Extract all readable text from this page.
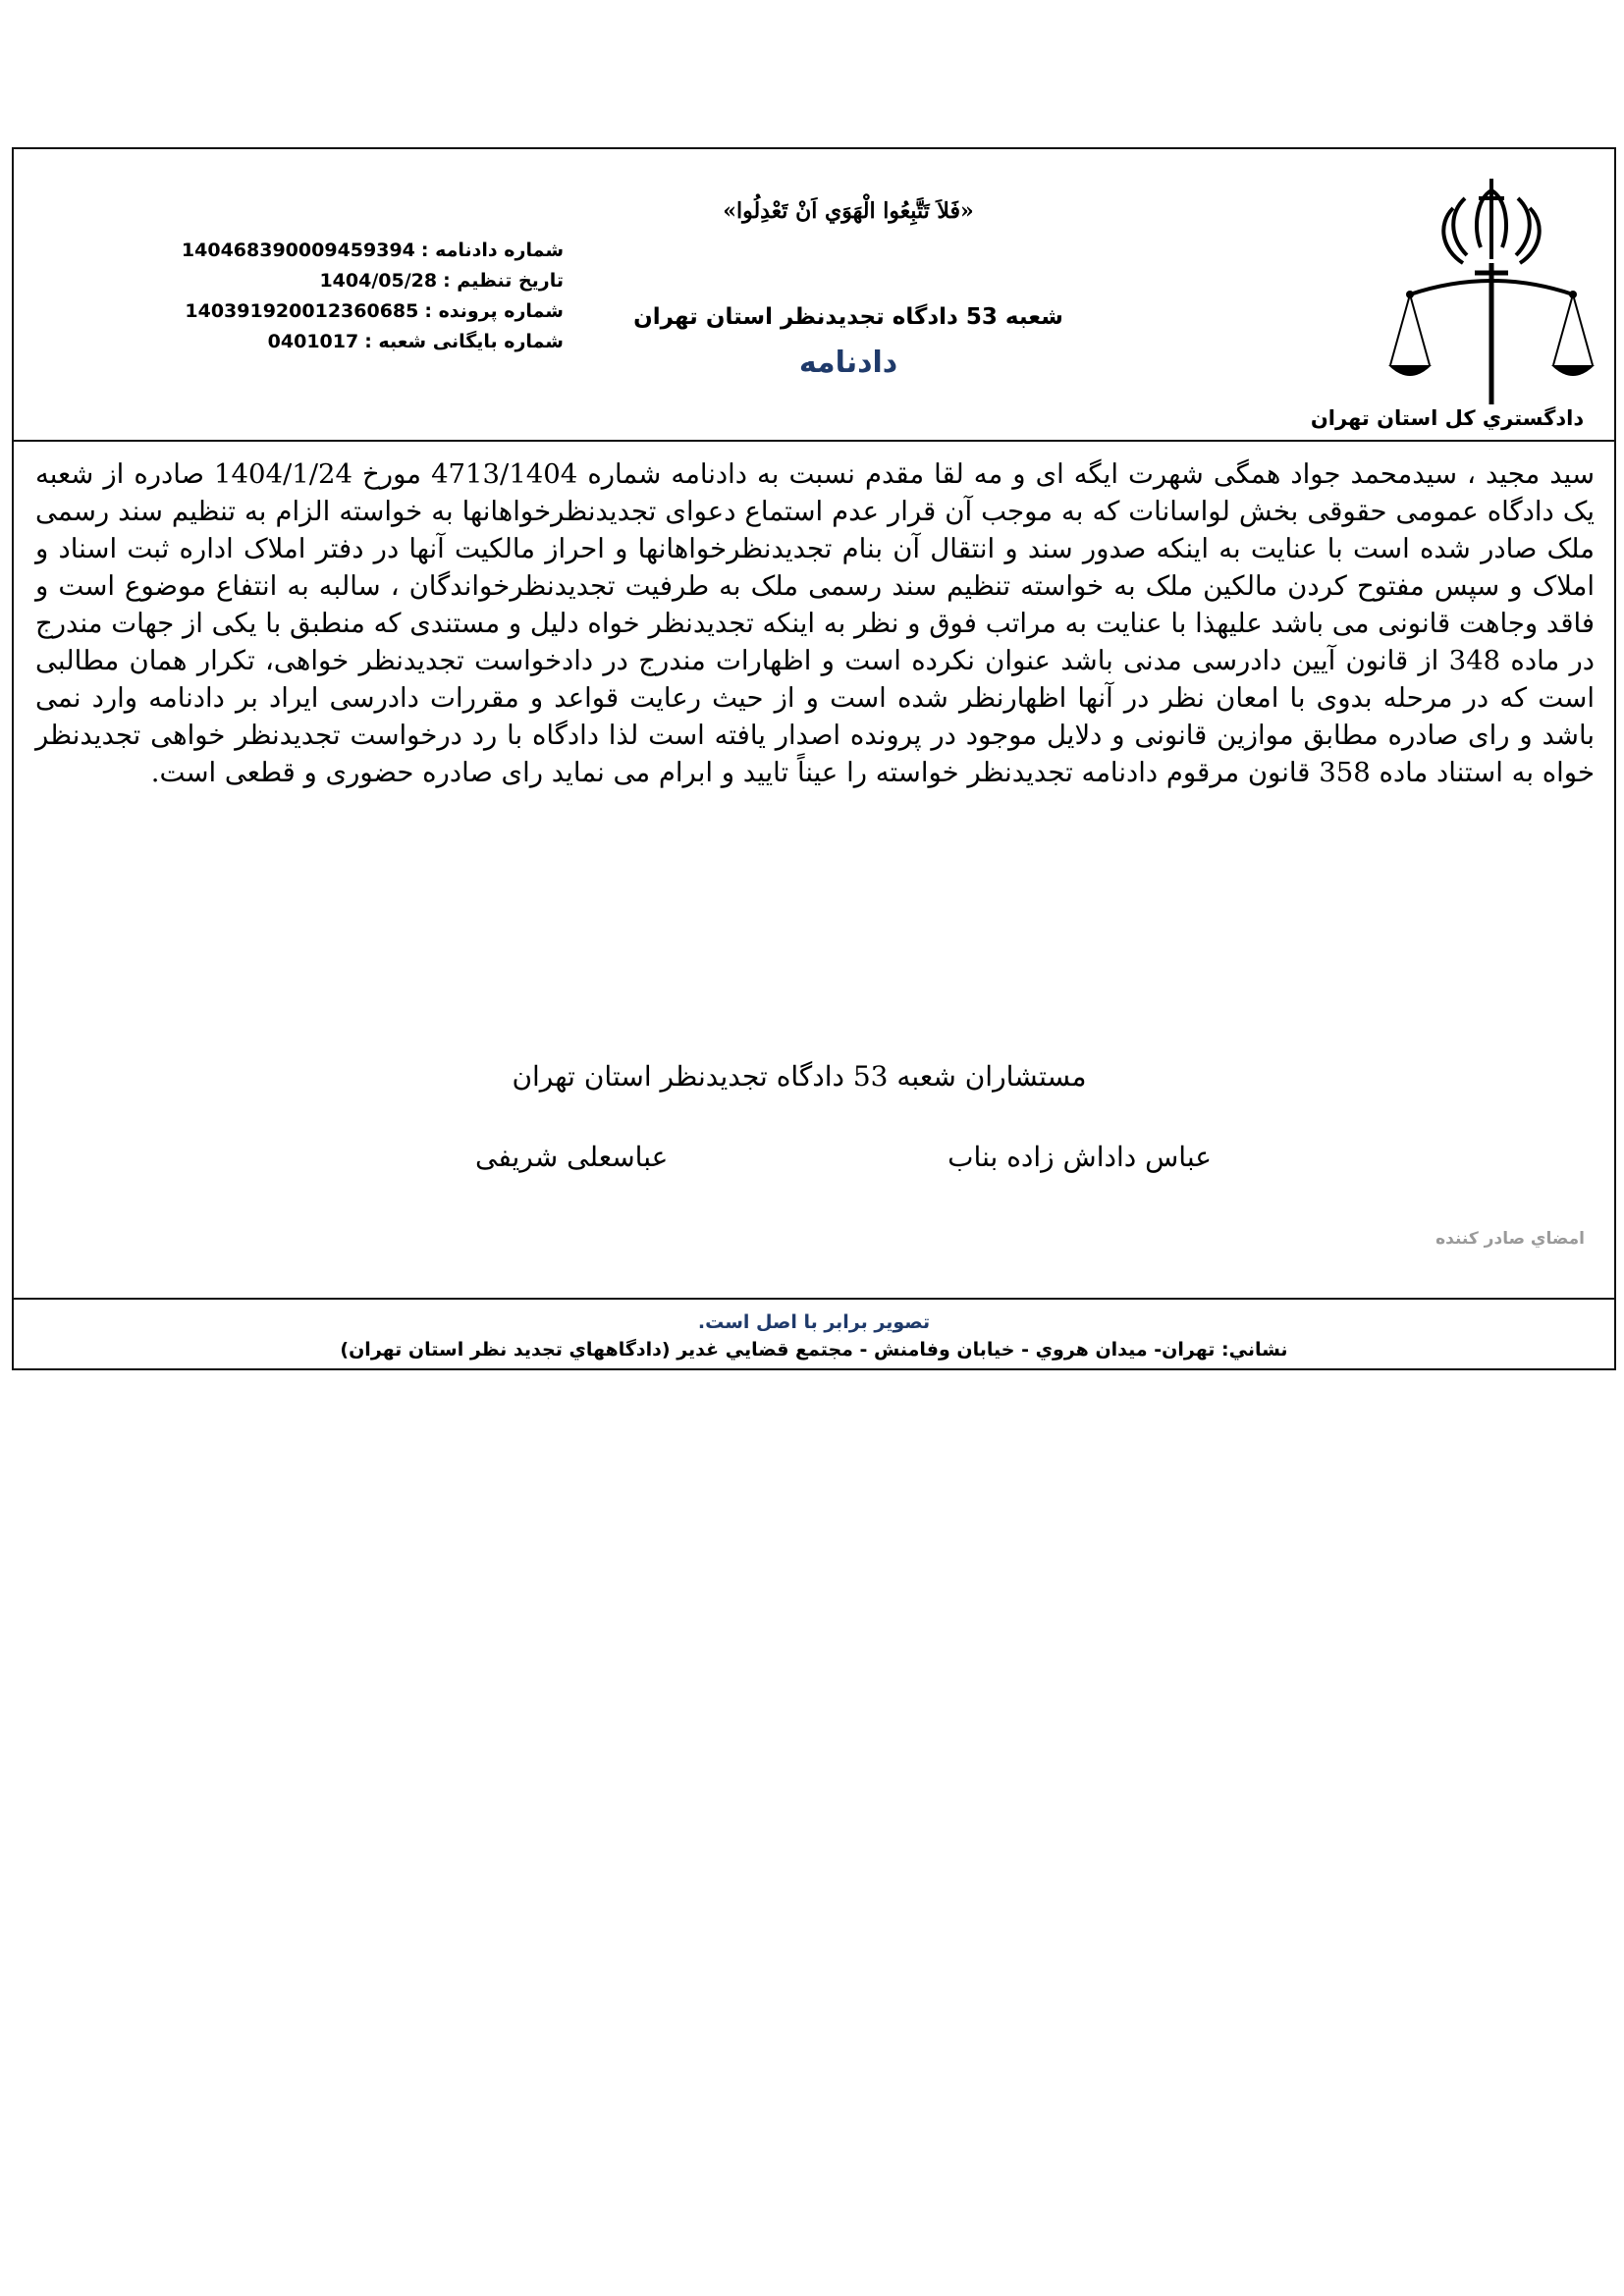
دادگستري کل استان تهران
«فَلاَ تَتَّبِعُوا الْهَوَي اَنْ تَعْدِلُوا»
شعبه 53 دادگاه تجدیدنظر استان تهران
دادنامه
شماره دادنامه :
140468390009459394
تاریخ تنظیم :
1404/05/28
شماره پرونده :
140391920012360685
شماره بایگانی شعبه :
0401017

سید مجید ، سیدمحمد جواد همگی شهرت ایگه ای و مه لقا مقدم نسبت به دادنامه شماره 4713/1404 مورخ 1404/1/24 صادره از شعبه یک دادگاه عمومی حقوقی بخش لواسانات که به موجب آن قرار عدم استماع دعوای تجدیدنظرخواهانها به خواسته الزام به تنظیم سند رسمی ملک صادر شده است با عنایت به اینکه صدور سند و انتقال آن بنام تجدیدنظرخواهانها و احراز مالکیت آنها در دفتر املاک اداره ثبت اسناد و املاک و سپس مفتوح کردن مالکین ملک به خواسته تنظیم سند رسمی ملک به طرفیت تجدیدنظرخواندگان ، سالبه به انتفاع موضوع است و فاقد وجاهت قانونی می باشد علیهذا با عنایت به مراتب فوق و نظر به اینکه تجدیدنظر خواه دلیل و مستندی که منطبق با یکی از جهات مندرج در ماده 348 از قانون آیین دادرسی مدنی باشد عنوان نکرده است و اظهارات مندرج در دادخواست تجدیدنظر خواهی، تکرار همان مطالبی است که در مرحله بدوی با امعان نظر در آنها اظهارنظر شده است و از حیث رعایت قواعد و مقررات دادرسی ایراد بر دادنامه وارد نمی باشد و رای صادره مطابق موازین قانونی و دلایل موجود در پرونده اصدار یافته است لذا دادگاه با رد درخواست تجدیدنظر خواهی تجدیدنظر خواه به استناد ماده 358 قانون مرقوم دادنامه تجدیدنظر خواسته را عیناً تایید و ابرام می نماید رای صادره حضوری و قطعی است.

مستشاران شعبه 53 دادگاه تجدیدنظر استان تهران
عباس داداش زاده بناب
عباسعلی شریفی
امضاي صادر کننده
تصویر برابر با اصل است.
نشاني: تهران- ميدان هروي - خيابان وفامنش - مجتمع قضايي غدير (دادگاههاي تجديد نظر استان تهران)
